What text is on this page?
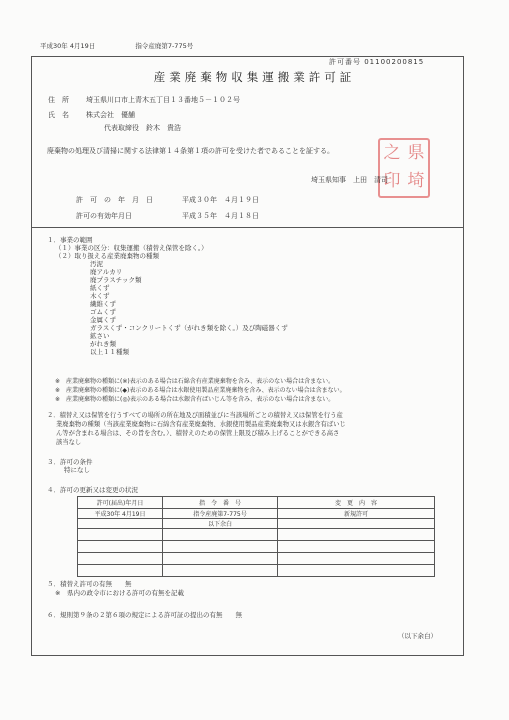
平成30年 4月19日	指令産廃第7-775号
許可番号 01100200815
産業廃棄物収集運搬業許可証
住　所 埼玉県川口市上青木五丁目１３番地５－１０２号
氏　名 株式会社　優舗
代表取締役　鈴木　貴浩
廃棄物の処理及び清掃に関する法律第１４条第１項の許可を受けた者であることを証する。	之 県
印 埼
埼玉県知事　上田　清司
許　可　の　年　月　日	平成３０年　４月１９日
許可の有効年月日	平成３５年　４月１８日
１．事業の範囲
（１）事業の区分：収集運搬（積替え保管を除く。）
（２）取り扱える産業廃棄物の種類
汚泥
廃アルカリ
廃プラスチック類
紙くず
木くず
繊維くず
ゴムくず
金属くず
ガラスくず・コンクリートくず（がれき類を除く。）及び陶磁器くず
鉱さい
がれき類
以上１１種類
※　産業廃棄物の種類に(※)表示のある場合は石綿含有産業廃棄物を含み、表示のない場合は含まない。
※　産業廃棄物の種類に(◆)表示のある場合は水銀使用製品産業廃棄物を含み、表示のない場合は含まない。
※　産業廃棄物の種類に(◎)表示のある場合は水銀含有ばいじん等を含み、表示のない場合は含まない。
２．積替え又は保管を行うすべての場所の所在地及び面積並びに当該場所ごとの積替え又は保管を行う産
業廃棄物の種類（当該産業廃棄物に石綿含有産業廃棄物、水銀使用製品産業廃棄物又は水銀含有ばいじ
ん等が含まれる場合は、その旨を含む。）、積替えのための保管上限及び積み上げることができる高さ
該当なし
３．許可の条件
特になし
４．許可の更新又は変更の状況
許可(届出)年月日	指　令　番　号	変　更　内　容
平成30年 4月19日	指令産廃第7-775号	新規許可
	以下余白	

５．積替え許可の有無　　無
※　県内の政令市における許可の有無を記載
６．規則第９条の２第６項の規定による許可証の提出の有無　　無
（以下余白）
